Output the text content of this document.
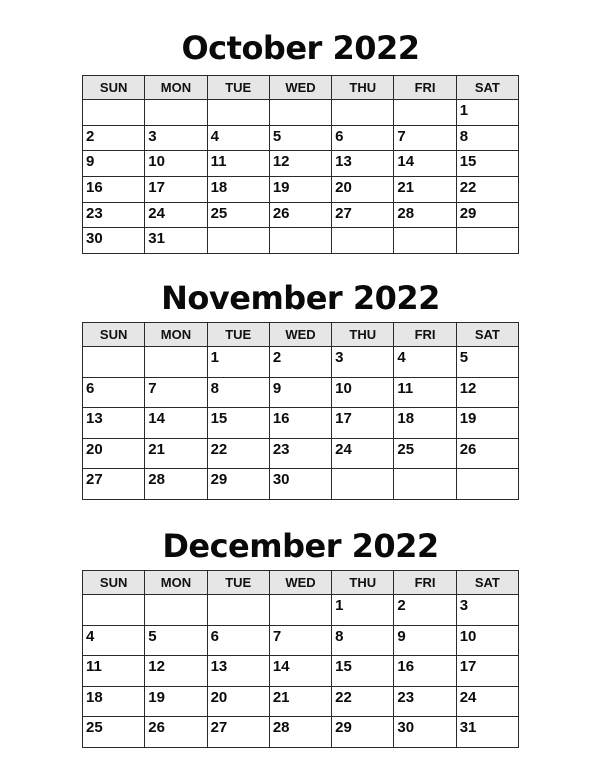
October 2022
SUN	MON	TUE	WED	THU	FRI	SAT
						1
2	3	4	5	6	7	8
9	10	11	12	13	14	15
16	17	18	19	20	21	22
23	24	25	26	27	28	29
30	31					
November 2022
SUN	MON	TUE	WED	THU	FRI	SAT
		1	2	3	4	5
6	7	8	9	10	11	12
13	14	15	16	17	18	19
20	21	22	23	24	25	26
27	28	29	30			
December 2022
SUN	MON	TUE	WED	THU	FRI	SAT
				1	2	3
4	5	6	7	8	9	10
11	12	13	14	15	16	17
18	19	20	21	22	23	24
25	26	27	28	29	30	31
